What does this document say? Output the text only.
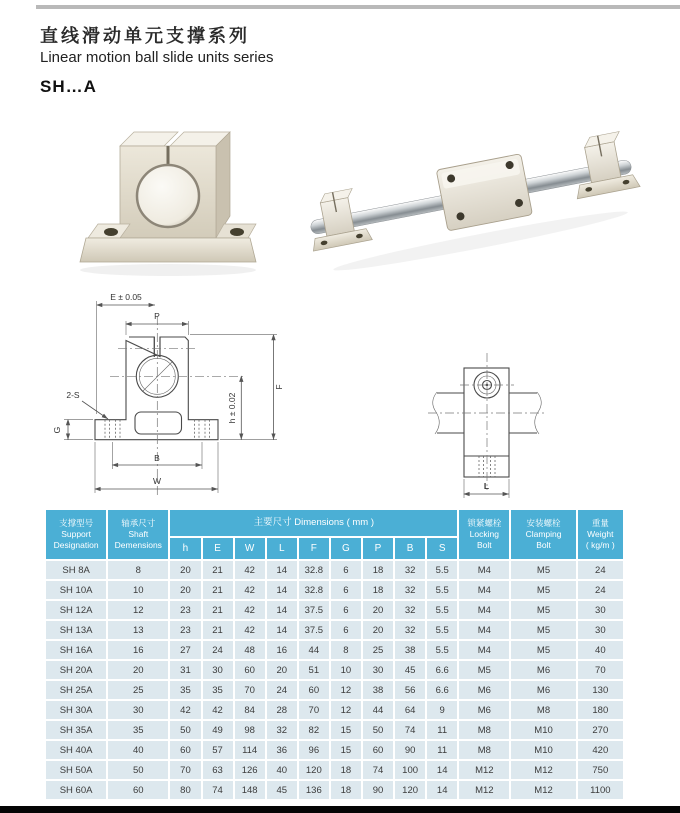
直线滑动单元支撑系列
Linear motion ball slide units series
SH…A
E ± 0.05
P
F
h ± 0.02
G
2-S
B
W	L
支撑型号
Support
Designation	轴承尺寸
Shaft
Demensions	主要尺寸 Dimensions ( mm )									锁紧螺栓
Locking
Bolt	安装螺栓
Clamping
Bolt	重量
Weight
( kg/m )
		h	E	W	L	F	G	P	B	S			
SH 8A	8	20	21	42	14	32.8	6	18	32	5.5	M4	M5	24
SH 10A	10	20	21	42	14	32.8	6	18	32	5.5	M4	M5	24
SH 12A	12	23	21	42	14	37.5	6	20	32	5.5	M4	M5	30
SH 13A	13	23	21	42	14	37.5	6	20	32	5.5	M4	M5	30
SH 16A	16	27	24	48	16	44	8	25	38	5.5	M4	M5	40
SH 20A	20	31	30	60	20	51	10	30	45	6.6	M5	M6	70
SH 25A	25	35	35	70	24	60	12	38	56	6.6	M6	M6	130
SH 30A	30	42	42	84	28	70	12	44	64	9	M6	M8	180
SH 35A	35	50	49	98	32	82	15	50	74	11	M8	M10	270
SH 40A	40	60	57	114	36	96	15	60	90	11	M8	M10	420
SH 50A	50	70	63	126	40	120	18	74	100	14	M12	M12	750
SH 60A	60	80	74	148	45	136	18	90	120	14	M12	M12	1100
